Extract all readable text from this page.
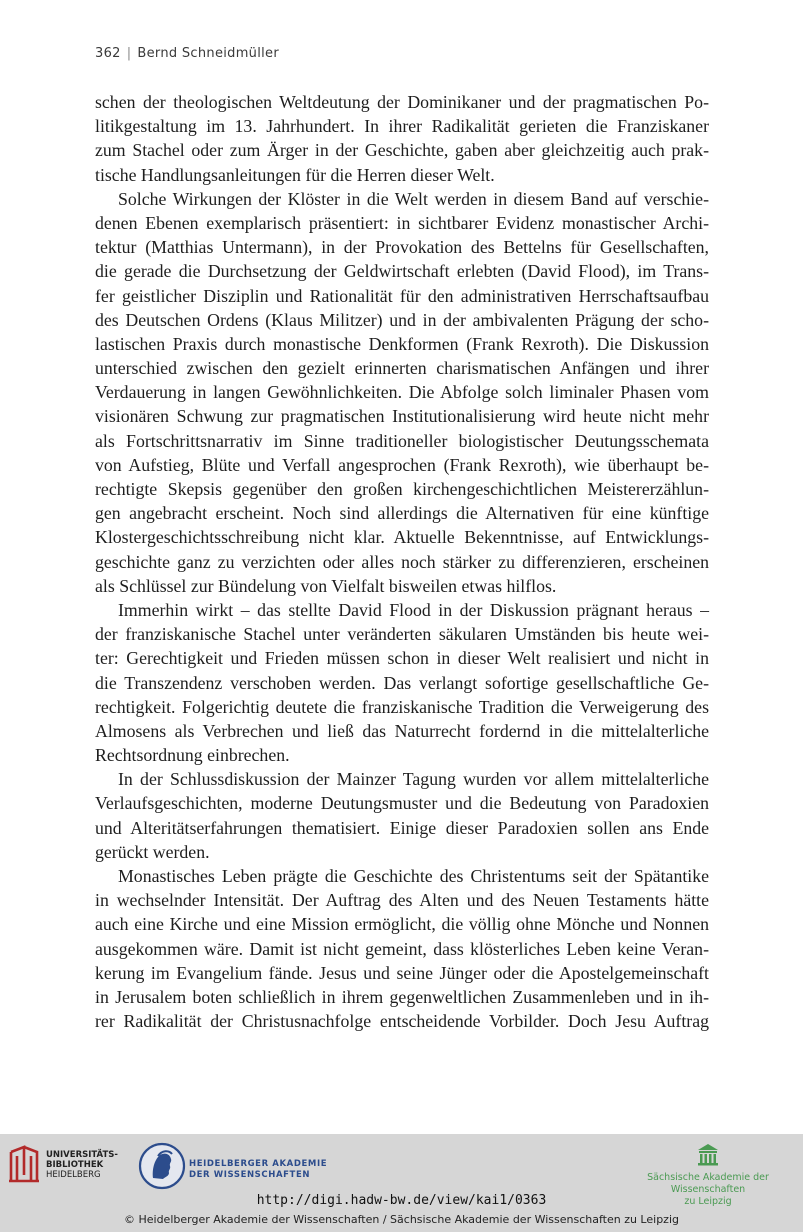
362 | Bernd Schneidmüller
schen der theologischen Weltdeutung der Dominikaner und der pragmatischen Po-
litikgestaltung im 13. Jahrhundert. In ihrer Radikalität gerieten die Franziskaner
zum Stachel oder zum Ärger in der Geschichte, gaben aber gleichzeitig auch prak-
tische Handlungsanleitungen für die Herren dieser Welt.
Solche Wirkungen der Klöster in die Welt werden in diesem Band auf verschie-
denen Ebenen exemplarisch präsentiert: in sichtbarer Evidenz monastischer Archi-
tektur (Matthias Untermann), in der Provokation des Bettelns für Gesellschaften,
die gerade die Durchsetzung der Geldwirtschaft erlebten (David Flood), im Trans-
fer geistlicher Disziplin und Rationalität für den administrativen Herrschaftsaufbau
des Deutschen Ordens (Klaus Militzer) und in der ambivalenten Prägung der scho-
lastischen Praxis durch monastische Denkformen (Frank Rexroth). Die Diskussion
unterschied zwischen den gezielt erinnerten charismatischen Anfängen und ihrer
Verdauerung in langen Gewöhnlichkeiten. Die Abfolge solch liminaler Phasen vom
visionären Schwung zur pragmatischen Institutionalisierung wird heute nicht mehr
als Fortschrittsnarrativ im Sinne traditioneller biologistischer Deutungsschemata
von Aufstieg, Blüte und Verfall angesprochen (Frank Rexroth), wie überhaupt be-
rechtigte Skepsis gegenüber den großen kirchengeschichtlichen Meistererzählun-
gen angebracht erscheint. Noch sind allerdings die Alternativen für eine künftige
Klostergeschichtsschreibung nicht klar. Aktuelle Bekenntnisse, auf Entwicklungs-
geschichte ganz zu verzichten oder alles noch stärker zu differenzieren, erscheinen
als Schlüssel zur Bündelung von Vielfalt bisweilen etwas hilflos.
Immerhin wirkt – das stellte David Flood in der Diskussion prägnant heraus –
der franziskanische Stachel unter veränderten säkularen Umständen bis heute wei-
ter: Gerechtigkeit und Frieden müssen schon in dieser Welt realisiert und nicht in
die Transzendenz verschoben werden. Das verlangt sofortige gesellschaftliche Ge-
rechtigkeit. Folgerichtig deutete die franziskanische Tradition die Verweigerung des
Almosens als Verbrechen und ließ das Naturrecht fordernd in die mittelalterliche
Rechtsordnung einbrechen.
In der Schlussdiskussion der Mainzer Tagung wurden vor allem mittelalterliche
Verlaufsgeschichten, moderne Deutungsmuster und die Bedeutung von Paradoxien
und Alteritätserfahrungen thematisiert. Einige dieser Paradoxien sollen ans Ende
gerückt werden.
Monastisches Leben prägte die Geschichte des Christentums seit der Spätantike
in wechselnder Intensität. Der Auftrag des Alten und des Neuen Testaments hätte
auch eine Kirche und eine Mission ermöglicht, die völlig ohne Mönche und Nonnen
ausgekommen wäre. Damit ist nicht gemeint, dass klösterliches Leben keine Veran-
kerung im Evangelium fände. Jesus und seine Jünger oder die Apostelgemeinschaft
in Jerusalem boten schließlich in ihrem gegenweltlichen Zusammenleben und in ih-
rer Radikalität der Christusnachfolge entscheidende Vorbilder. Doch Jesu Auftrag
UNIVERSITÄTS-
BIBLIOTHEK
HEIDELBERG
HEIDELBERGER AKADEMIE
DER WISSENSCHAFTEN	Sächsische Akademie der Wissenschaften
zu Leipzig
http://digi.hadw-bw.de/view/kai1/0363
© Heidelberger Akademie der Wissenschaften / Sächsische Akademie der Wissenschaften zu Leipzig
